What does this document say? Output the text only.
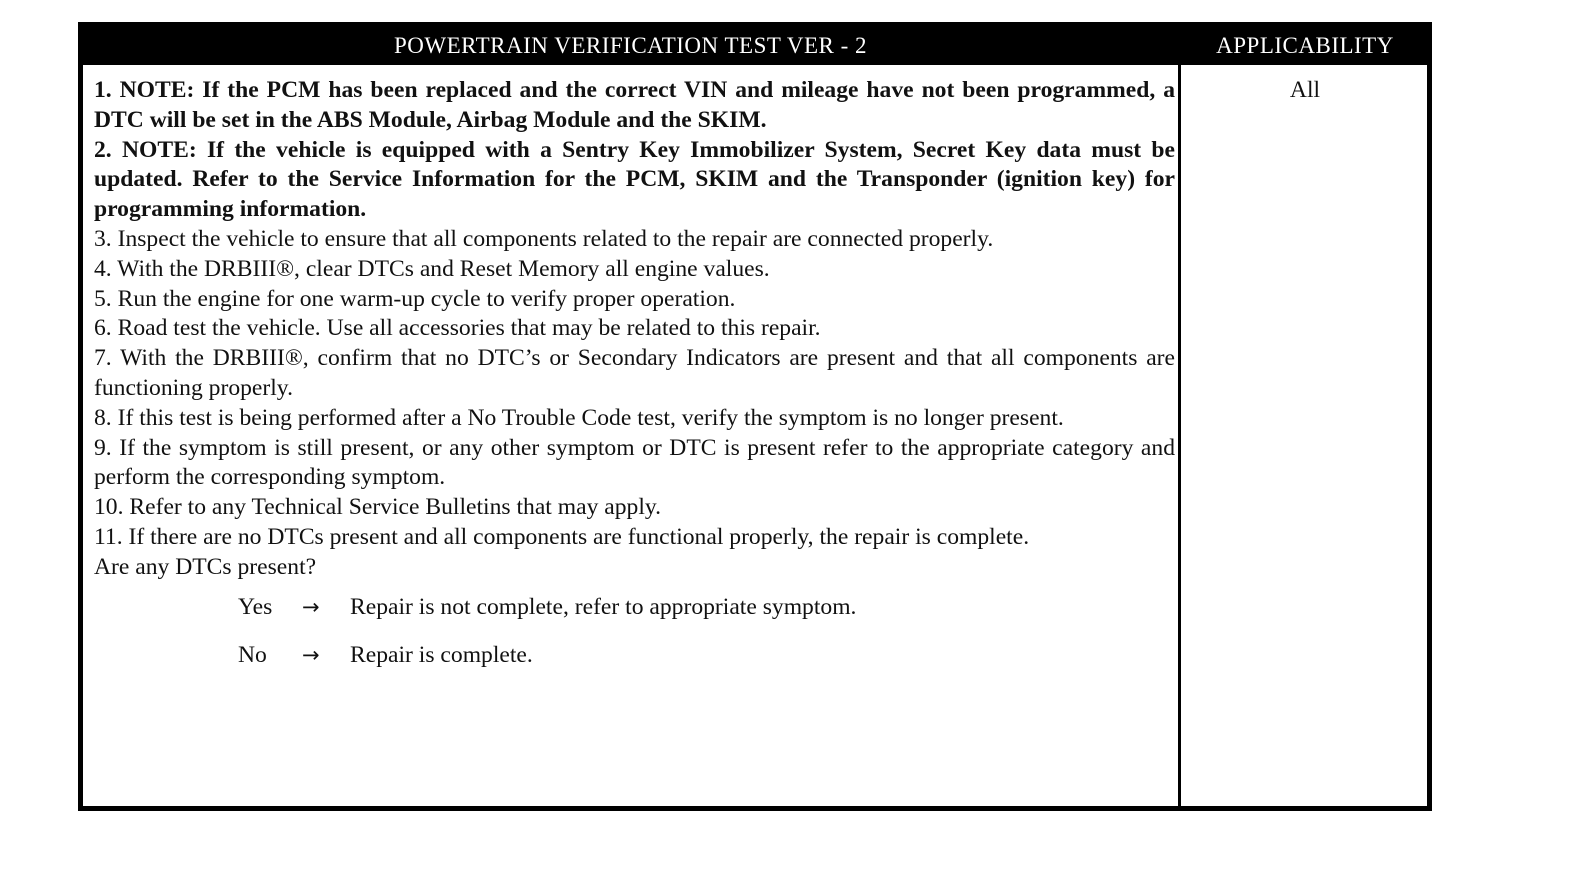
POWERTRAIN VERIFICATION TEST VER - 2	APPLICABILITY
1. NOTE: If the PCM has been replaced and the correct VIN and mileage have not been programmed, a DTC will be set in the ABS Module, Airbag Module and the SKIM.
2. NOTE: If the vehicle is equipped with a Sentry Key Immobilizer System, Secret Key data must be updated. Refer to the Service Information for the PCM, SKIM and the Transponder (ignition key) for programming information.
3. Inspect the vehicle to ensure that all components related to the repair are connected properly.
4. With the DRBIII®, clear DTCs and Reset Memory all engine values.
5. Run the engine for one warm-up cycle to verify proper operation.
6. Road test the vehicle. Use all accessories that may be related to this repair.
7. With the DRBIII®, confirm that no DTC’s or Secondary Indicators are present and that all components are functioning properly.
8. If this test is being performed after a No Trouble Code test, verify the symptom is no longer present.
9. If the symptom is still present, or any other symptom or DTC is present refer to the appropriate category and perform the corresponding symptom.
10. Refer to any Technical Service Bulletins that may apply.
11. If there are no DTCs present and all components are functional properly, the repair is complete.
Are any DTCs present?
Yes → Repair is not complete, refer to appropriate symptom.
No → Repair is complete.
All
